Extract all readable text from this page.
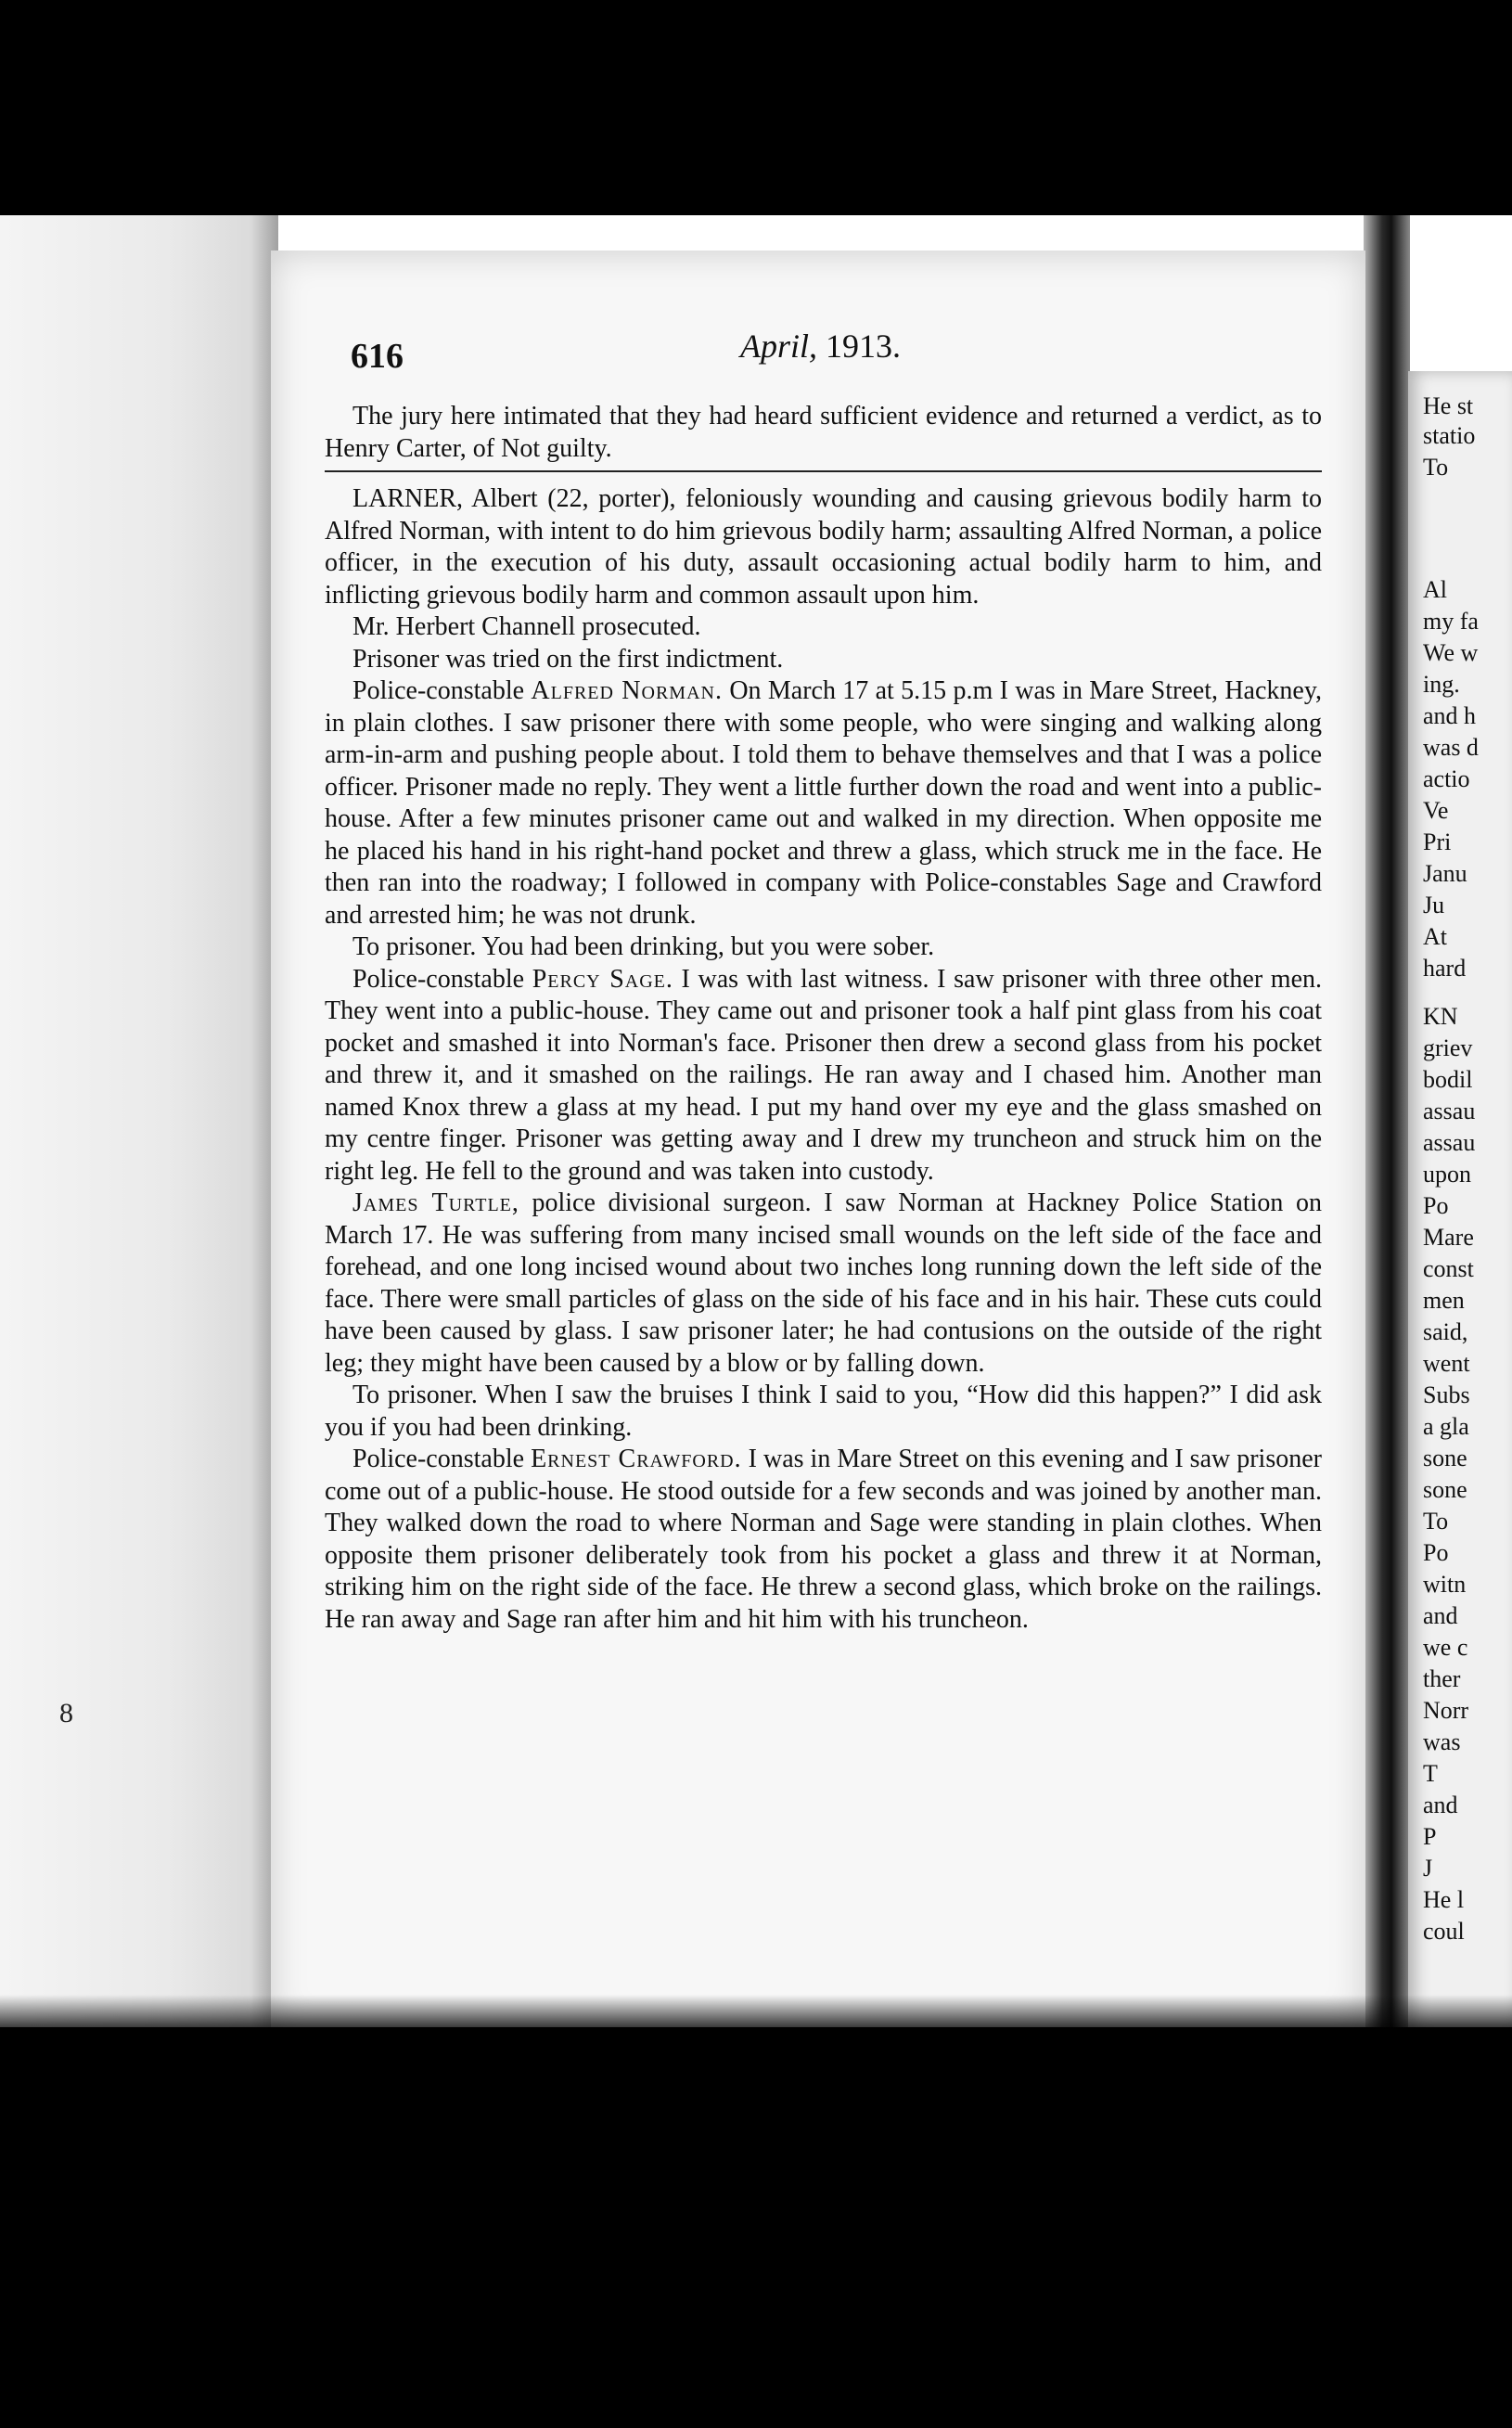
8
616	April, 1913.

The jury here intimated that they had heard sufficient evidence and returned a verdict, as to Henry Carter, of Not guilty.

LARNER, Albert (22, porter), feloniously wounding and causing grievous bodily harm to Alfred Norman, with intent to do him grievous bodily harm; assaulting Alfred Norman, a police officer, in the execution of his duty, assault occasioning actual bodily harm to him, and inflicting grievous bodily harm and common assault upon him.

Mr. Herbert Channell prosecuted.

Prisoner was tried on the first indictment.

Police-constable Alfred Norman. On March 17 at 5.15 p.m I was in Mare Street, Hackney, in plain clothes. I saw prisoner there with some people, who were singing and walking along arm-in-arm and pushing people about. I told them to behave themselves and that I was a police officer. Prisoner made no reply. They went a little further down the road and went into a public-house. After a few minutes prisoner came out and walked in my direction. When opposite me he placed his hand in his right-hand pocket and threw a glass, which struck me in the face. He then ran into the roadway; I followed in company with Police-constables Sage and Crawford and arrested him; he was not drunk.

To prisoner. You had been drinking, but you were sober.

Police-constable Percy Sage. I was with last witness. I saw prisoner with three other men. They went into a public-house. They came out and prisoner took a half pint glass from his coat pocket and smashed it into Norman's face. Prisoner then drew a second glass from his pocket and threw it, and it smashed on the railings. He ran away and I chased him. Another man named Knox threw a glass at my head. I put my hand over my eye and the glass smashed on my centre finger. Prisoner was getting away and I drew my truncheon and struck him on the right leg. He fell to the ground and was taken into custody.

James Turtle, police divisional surgeon. I saw Norman at Hackney Police Station on March 17. He was suffering from many incised small wounds on the left side of the face and forehead, and one long incised wound about two inches long running down the left side of the face. There were small particles of glass on the side of his face and in his hair. These cuts could have been caused by glass. I saw prisoner later; he had contusions on the outside of the right leg; they might have been caused by a blow or by falling down.

To prisoner. When I saw the bruises I think I said to you, “How did this happen?” I did ask you if you had been drinking.

Police-constable Ernest Crawford. I was in Mare Street on this evening and I saw prisoner come out of a public-house. He stood outside for a few seconds and was joined by another man. They walked down the road to where Norman and Sage were standing in plain clothes. When opposite them prisoner deliberately took from his pocket a glass and threw it at Norman, striking him on the right side of the face. He threw a second glass, which broke on the railings. He ran away and Sage ran after him and hit him with his truncheon.

He st
statio
To
Al
my fa
We w
ing.
and h
was d
actio
Ve
Pri
Janu
Ju
At
hard
KN
griev
bodil
assau
assau
upon
Po
Mare
const
men
said,
went
Subs
a gla
sone
sone
To
Po
witn
and
we c
ther
Norr
was
T
and
P
J
He l
coul
